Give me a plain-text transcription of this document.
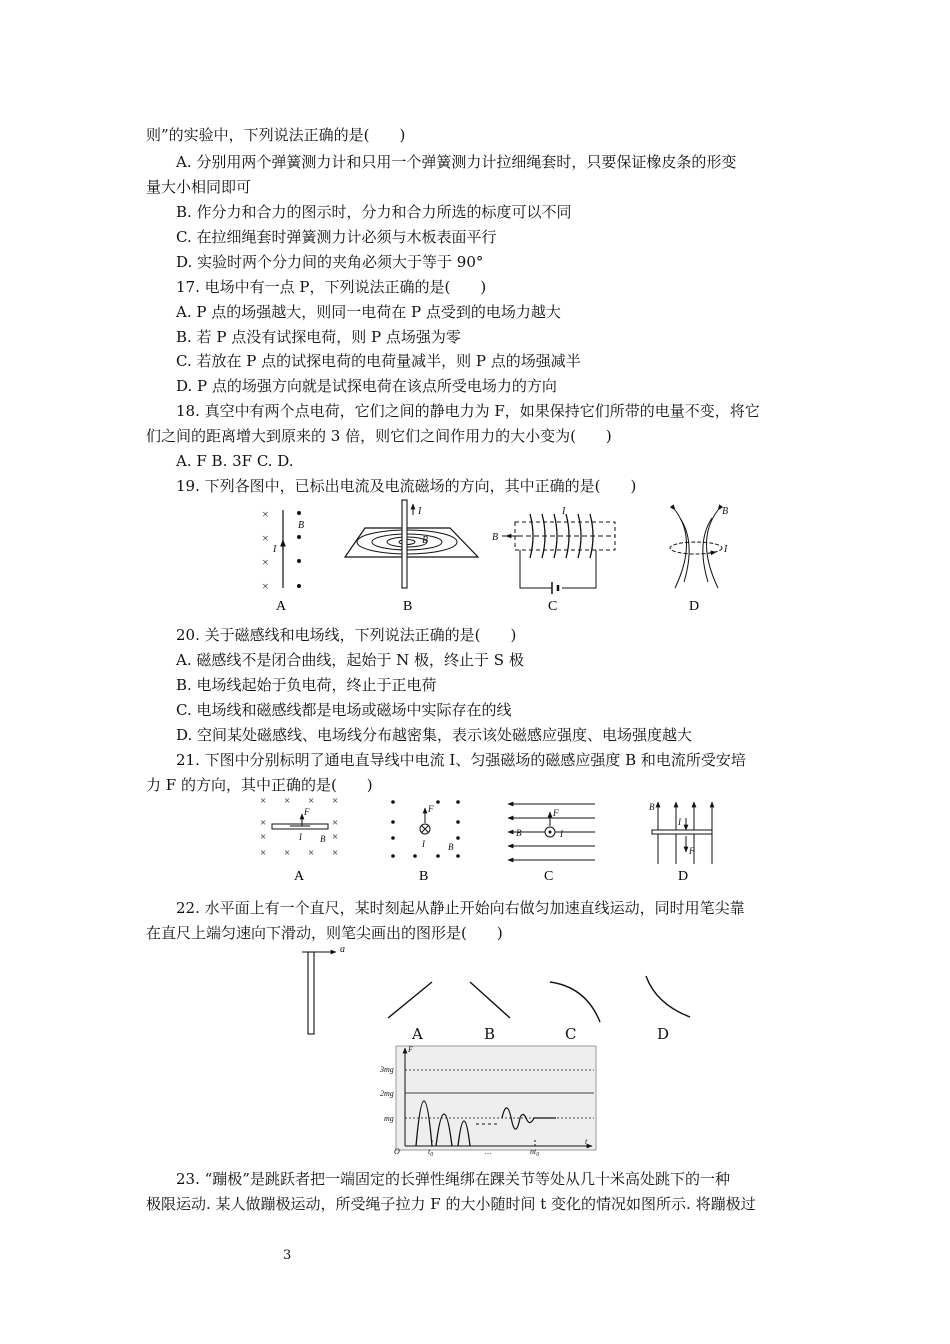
则”的实验中，下列说法正确的是(　　)
A. 分别用两个弹簧测力计和只用一个弹簧测力计拉细绳套时，只要保证橡皮条的形变
量大小相同即可
B. 作分力和合力的图示时，分力和合力所选的标度可以不同
C. 在拉细绳套时弹簧测力计必须与木板表面平行
D. 实验时两个分力间的夹角必须大于等于 90°
17. 电场中有一点 P，下列说法正确的是(　　)
A. P 点的场强越大，则同一电荷在 P 点受到的电场力越大
B. 若 P 点没有试探电荷，则 P 点场强为零
C. 若放在 P 点的试探电荷的电荷量减半，则 P 点的场强减半
D. P 点的场强方向就是试探电荷在该点所受电场力的方向
18. 真空中有两个点电荷，它们之间的静电力为 F，如果保持它们所带的电量不变，将它
们之间的距离增大到原来的 3 倍，则它们之间作用力的大小变为(　　)
A. F B. 3F C. D.
19. 下列各图中，已标出电流及电流磁场的方向，其中正确的是(　　)
×
×
×
×
B
I
I
B	B
I	B
I
A	B	C	D
20. 关于磁感线和电场线，下列说法正确的是(　　)
A. 磁感线不是闭合曲线，起始于 N 极，终止于 S 极
B. 电场线起始于负电荷，终止于正电荷
C. 电场线和磁感线都是电场或磁场中实际存在的线
D. 空间某处磁感线、电场线分布越密集，表示该处磁感应强度、电场强度越大
21. 下图中分别标明了通电直导线中电流 I、匀强磁场的磁感应强度 B 和电流所受安培
力 F 的方向，其中正确的是(　　)
× × × ×
×	×
×	×
× × × ×
F
I B
F
I	B
F
I
B
B
I
F
A	B	C	D
22. 水平面上有一个直尺，某时刻起从静止开始向右做匀加速直线运动，同时用笔尖靠
在直尺上端匀速向下滑动，则笔尖画出的图形是(　　)
a
A	B	C	D
F
3mg
2mg
mg
O
t
$t_0$	…	$nt_0$
23. “蹦极”是跳跃者把一端固定的长弹性绳绑在踝关节等处从几十米高处跳下的一种
极限运动. 某人做蹦极运动，所受绳子拉力 F 的大小随时间 t 变化的情况如图所示. 将蹦极过
3
